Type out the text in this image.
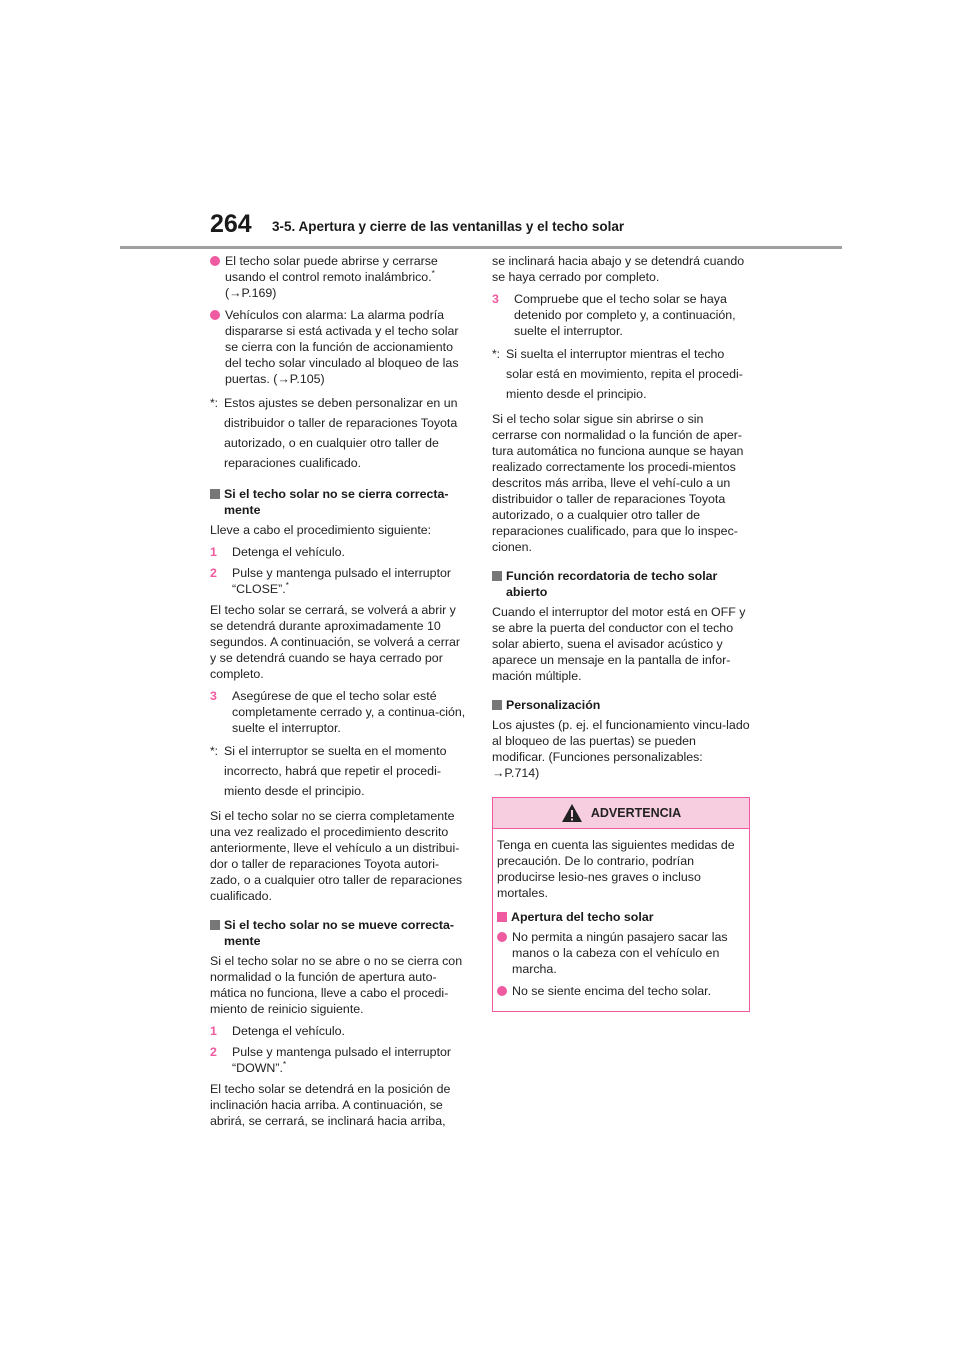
264 3-5. Apertura y cierre de las ventanillas y el techo solar
El techo solar puede abrirse y cerrarse usando el control remoto inalámbrico.*
(→P.169)
Vehículos con alarma: La alarma podría dispararse si está activada y el techo solar se cierra con la función de accionamiento del techo solar vinculado al bloqueo de las puertas. (→P.105)
*: Estos ajustes se deben personalizar en un distribuidor o taller de reparaciones Toyota autorizado, o en cualquier otro taller de reparaciones cualificado.
Si el techo solar no se cierra correcta-mente
Lleve a cabo el procedimiento siguiente:
1 Detenga el vehículo.
2 Pulse y mantenga pulsado el interruptor “CLOSE”.*
El techo solar se cerrará, se volverá a abrir y se detendrá durante aproximadamente 10 segundos. A continuación, se volverá a cerrar y se detendrá cuando se haya cerrado por completo.
3 Asegúrese de que el techo solar esté completamente cerrado y, a continua-ción, suelte el interruptor.
*: Si el interruptor se suelta en el momento incorrecto, habrá que repetir el procedi-miento desde el principio.
Si el techo solar no se cierra completamente una vez realizado el procedimiento descrito anteriormente, lleve el vehículo a un distribui-dor o taller de reparaciones Toyota autori-zado, o a cualquier otro taller de reparaciones cualificado.
Si el techo solar no se mueve correcta-mente
Si el techo solar no se abre o no se cierra con normalidad o la función de apertura auto-mática no funciona, lleve a cabo el procedi-miento de reinicio siguiente.
1 Detenga el vehículo.
2 Pulse y mantenga pulsado el interruptor “DOWN”.*
El techo solar se detendrá en la posición de inclinación hacia arriba. A continuación, se abrirá, se cerrará, se inclinará hacia arriba,
se inclinará hacia abajo y se detendrá cuando se haya cerrado por completo.
3 Compruebe que el techo solar se haya detenido por completo y, a continuación, suelte el interruptor.
*: Si suelta el interruptor mientras el techo solar está en movimiento, repita el procedi-miento desde el principio.
Si el techo solar sigue sin abrirse o sin cerrarse con normalidad o la función de aper-tura automática no funciona aunque se hayan realizado correctamente los procedi-mientos descritos más arriba, lleve el vehí-culo a un distribuidor o taller de reparaciones Toyota autorizado, o a cualquier otro taller de reparaciones cualificado, para que lo inspec-cionen.
Función recordatoria de techo solar abierto
Cuando el interruptor del motor está en OFF y se abre la puerta del conductor con el techo solar abierto, suena el avisador acústico y aparece un mensaje en la pantalla de infor-mación múltiple.
Personalización
Los ajustes (p. ej. el funcionamiento vincu-lado al bloqueo de las puertas) se pueden modificar. (Funciones personalizables: →P.714)
ADVERTENCIA
Tenga en cuenta las siguientes medidas de precaución. De lo contrario, podrían producirse lesio-nes graves o incluso mortales.
Apertura del techo solar
No permita a ningún pasajero sacar las manos o la cabeza con el vehículo en marcha.
No se siente encima del techo solar.
